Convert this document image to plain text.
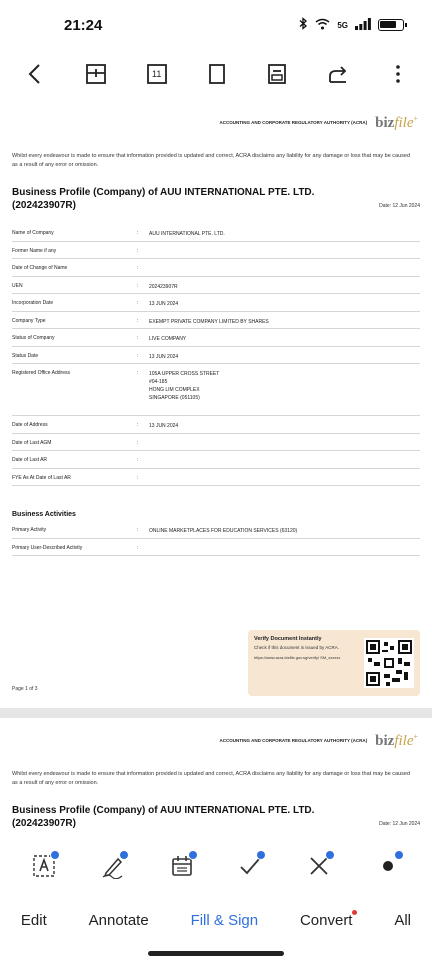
21:24	5G
11
ACCOUNTING AND CORPORATE REGULATORY AUTHORITY (ACRA) bizfile+
Whilst every endeavour is made to ensure that information provided is updated and correct, ACRA disclaims any liability for any damage or loss that may be caused as a result of any error or omission.
Business Profile (Company) of AUU INTERNATIONAL PTE. LTD. (202423907R)	Date: 12 Jun 2024
Name of Company	:	AUU INTERNATIONAL PTE. LTD.
Former Name if any	:
Date of Change of Name	:
UEN	:	202423907R
Incorporation Date	:	13 JUN 2024
Company Type	:	EXEMPT PRIVATE COMPANY LIMITED BY SHARES
Status of Company	:	LIVE COMPANY
Status Date	:	13 JUN 2024
Registered Office Address	:	105A UPPER CROSS STREET
#04-185
HONG LIM COMPLEX
SINGAPORE (051105)
Date of Address	:	13 JUN 2024
Date of Last AGM	:
Date of Last AR	:
FYE As At Date of Last AR	:
Business Activities
Primary Activity	:	ONLINE MARKETPLACES FOR EDUCATION SERVICES (63120)
Primary User-Described Activity	:
Verify Document Instantly
Check if this document is issued by ACRA.
https://www.acra.bizfile.gov.sg/verify/ SM_xxxxxx
Page 1 of 3
ACCOUNTING AND CORPORATE REGULATORY AUTHORITY (ACRA) bizfile+
Whilst every endeavour is made to ensure that information provided is updated and correct, ACRA disclaims any liability for any damage or loss that may be caused as a result of any error or omission.
Business Profile (Company) of AUU INTERNATIONAL PTE. LTD. (202423907R)	Date: 12 Jun 2024
Edit	Annotate	Fill & Sign	Convert	All
